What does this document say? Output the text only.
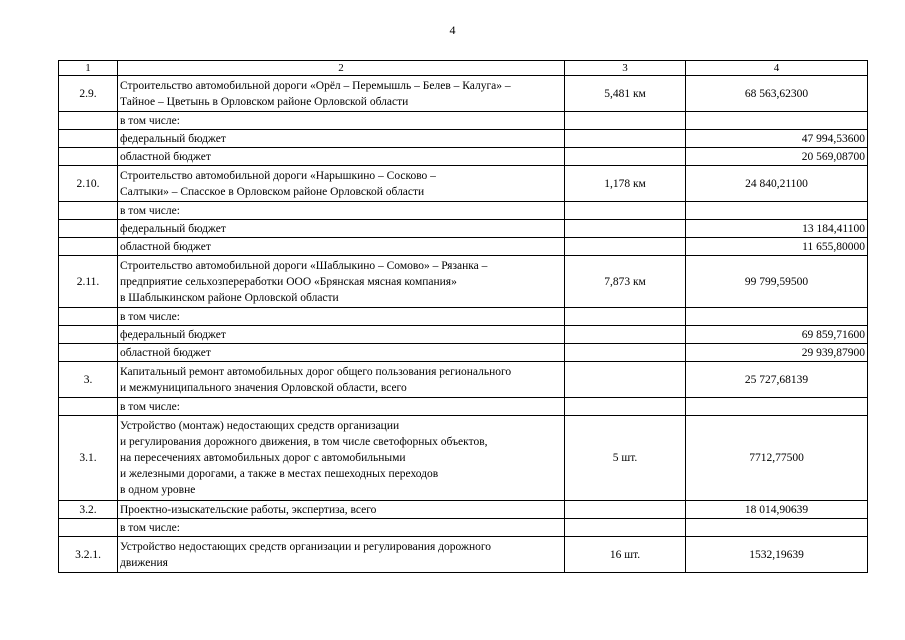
4
1	2	3	4
2.9.	Строительство автомобильной дороги «Орёл – Перемышль – Белев – Калуга» –
Тайное – Цветынь в Орловском районе Орловской области	5,481 км	68 563,62300

	в том числе:		

	федеральный бюджет		47 994,53600

	областной бюджет		20 569,08700
2.10.	Строительство автомобильной дороги «Нарышкино – Сосково –
Салтыки» – Спасское в Орловском районе Орловской области	1,178 км	24 840,21100

	в том числе:		

	федеральный бюджет		13 184,41100

	областной бюджет		11 655,80000
2.11.	Строительство автомобильной дороги «Шаблыкино – Сомово» – Рязанка –
предприятие сельхозпереработки ООО «Брянская мясная компания»
в Шаблыкинском районе Орловской области	7,873 км	99 799,59500

	в том числе:		

	федеральный бюджет		69 859,71600

	областной бюджет		29 939,87900
3.	Капитальный ремонт автомобильных дорог общего пользования регионального
и межмуниципального значения Орловской области, всего		25 727,68139

	в том числе:		

3.1.	Устройство (монтаж) недостающих средств организации
и регулирования дорожного движения, в том числе светофорных объектов,
на пересечениях автомобильных дорог с автомобильными
и железными дорогами, а также в местах пешеходных переходов
в одном уровне	5 шт.	7712,77500
3.2.	Проектно-изыскательские работы, экспертиза, всего		18 014,90639

	в том числе:		

3.2.1.	Устройство недостающих средств организации и регулирования дорожного
движения	16 шт.	1532,19639
